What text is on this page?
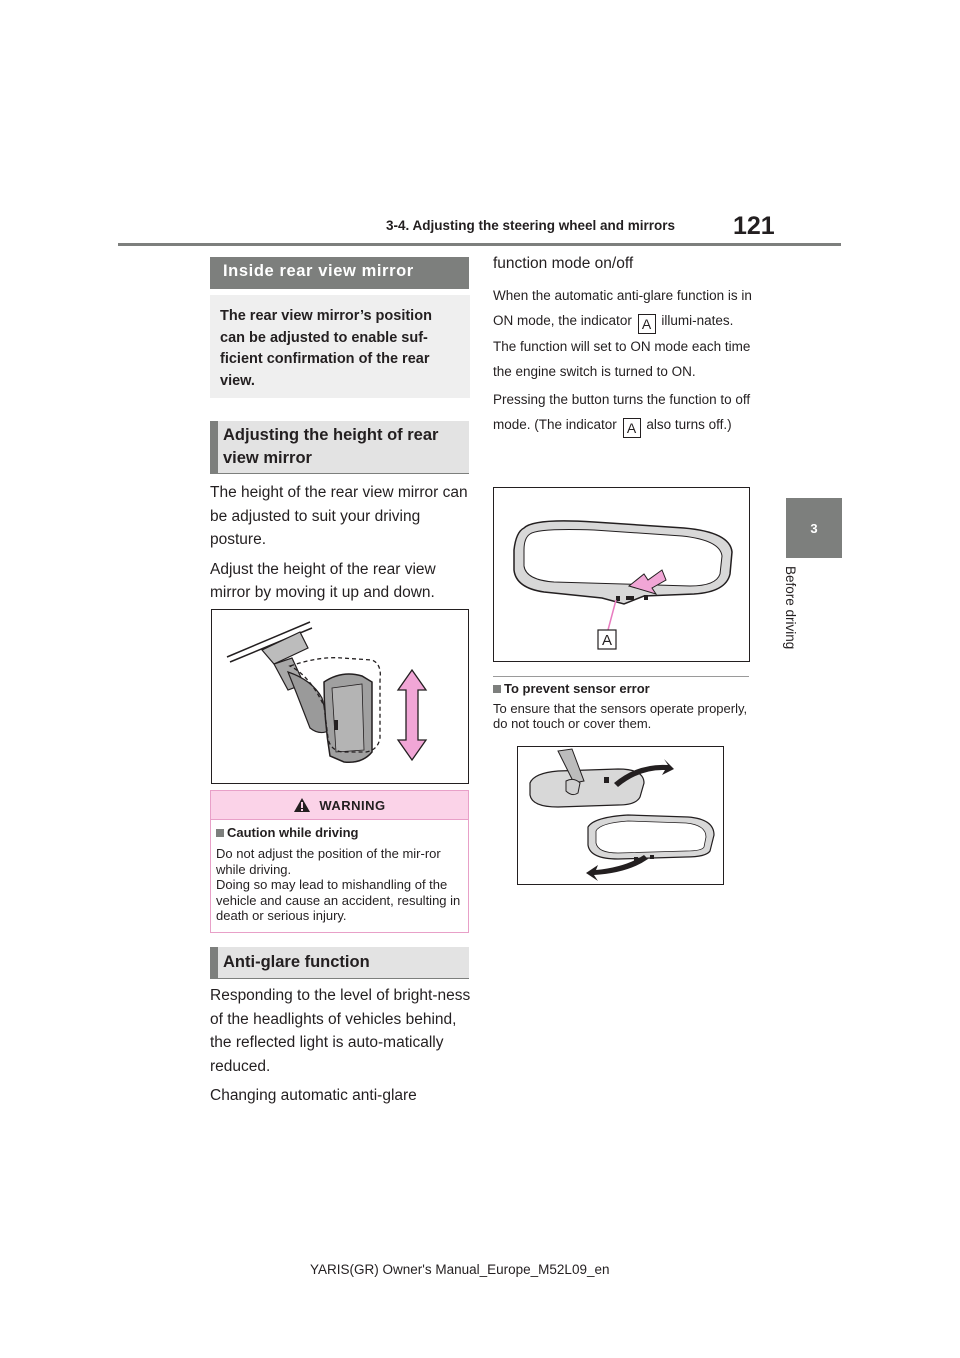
3-4. Adjusting the steering wheel and mirrors 121
3
Before driving
Inside rear view mirror
The rear view mirror’s position can be adjusted to enable sufficient confirmation of the rear view.
Adjusting the height of rear view mirror

The height of the rear view mirror can be adjusted to suit your driving posture.

Adjust the height of the rear view mirror by moving it up and down.

WARNING
Caution while driving
Do not adjust the position of the mir-ror while driving.
Doing so may lead to mishandling of the vehicle and cause an accident, resulting in death or serious injury.
Anti-glare function

Responding to the level of bright-ness of the headlights of vehicles behind, the reflected light is auto-matically reduced.

Changing automatic anti-glare

function mode on/off

When the automatic anti-glare function is in ON mode, the indicator A illumi-nates. The function will set to ON mode each time the engine switch is turned to ON.

Pressing the button turns the function to off mode. (The indicator A also turns off.)

A
To prevent sensor error
To ensure that the sensors operate properly, do not touch or cover them.
YARIS(GR) Owner's Manual_Europe_M52L09_en
